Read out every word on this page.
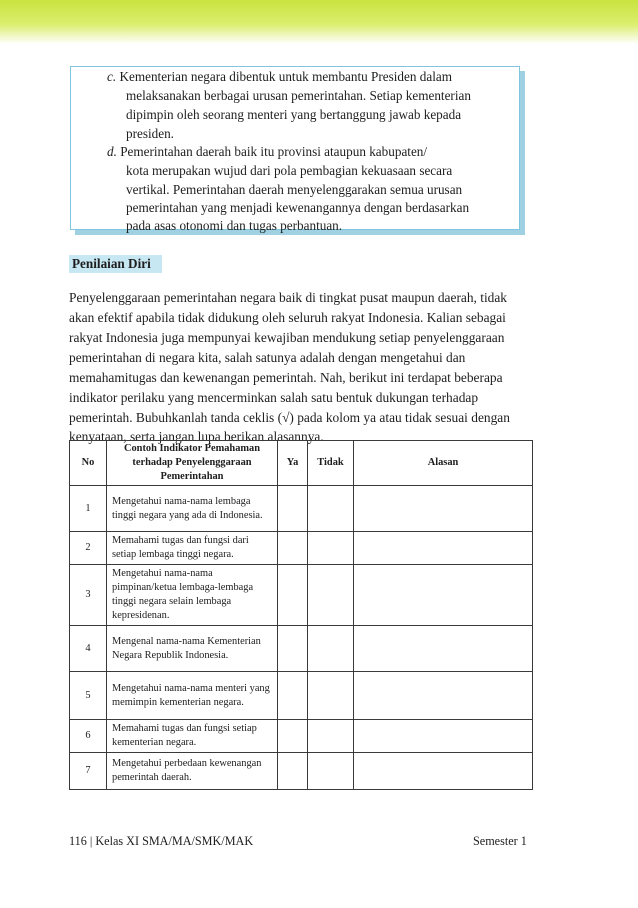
c. Kementerian negara dibentuk untuk membantu Presiden dalam
melaksanakan berbagai urusan pemerintahan. Setiap kementerian
dipimpin oleh seorang menteri yang bertanggung jawab kepada
presiden.
d. Pemerintahan daerah baik itu provinsi ataupun kabupaten/
kota merupakan wujud dari pola pembagian kekuasaan secara
vertikal. Pemerintahan daerah menyelenggarakan semua urusan
pemerintahan yang menjadi kewenangannya dengan berdasarkan
pada asas otonomi dan tugas perbantuan.
Penilaian Diri
Penyelenggaraan pemerintahan negara baik di tingkat pusat maupun daerah, tidak
akan efektif apabila tidak didukung oleh seluruh rakyat Indonesia. Kalian sebagai
rakyat Indonesia juga mempunyai kewajiban mendukung setiap penyelenggaraan
pemerintahan di negara kita, salah satunya adalah dengan mengetahui dan
memahamitugas dan kewenangan pemerintah. Nah, berikut ini terdapat beberapa
indikator perilaku yang mencerminkan salah satu bentuk dukungan terhadap
pemerintah. Bubuhkanlah tanda ceklis (√) pada kolom ya atau tidak sesuai dengan
kenyataan, serta jangan lupa berikan alasannya.
No	Contoh Indikator Pemahaman terhadap Penyelenggaraan Pemerintahan	Ya	Tidak	Alasan
1	Mengetahui nama-nama lembaga tinggi negara yang ada di Indonesia.			
2	Memahami tugas dan fungsi dari setiap lembaga tinggi negara.			
3	Mengetahui nama-nama pimpinan/ketua lembaga-lembaga tinggi negara selain lembaga kepresidenan.			
4	Mengenal nama-nama Kementerian Negara Republik Indonesia.			
5	Mengetahui nama-nama menteri yang memimpin kementerian negara.			
6	Memahami tugas dan fungsi setiap kementerian negara.			
7	Mengetahui perbedaan kewenangan pemerintah daerah.			
116 | Kelas XI SMA/MA/SMK/MAK	Semester 1
